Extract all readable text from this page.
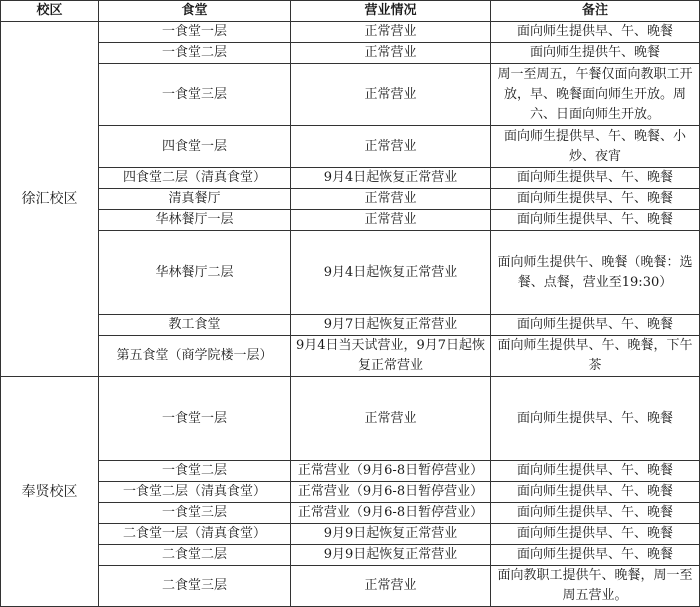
校区	食堂	营业情况	备注
徐汇校区	一食堂一层	正常营业	面向师生提供早、午、晚餐
	一食堂二层	正常营业	面向师生提供午、晚餐
	一食堂三层	正常营业	周一至周五，午餐仅面向教职工开放，早、晚餐面向师生开放。周六、日面向师生开放。
	四食堂一层	正常营业	面向师生提供早、午、晚餐、小炒、夜宵
	四食堂二层（清真食堂）	9月4日起恢复正常营业	面向师生提供早、午、晚餐
	清真餐厅	正常营业	面向师生提供早、午、晚餐
	华林餐厅一层	正常营业	面向师生提供早、午、晚餐
	华林餐厅二层	9月4日起恢复正常营业	面向师生提供午、晚餐（晚餐：选餐、点餐，营业至19:30）
	教工食堂	9月7日起恢复正常营业	面向师生提供早、午、晚餐
	第五食堂（商学院楼一层）	9月4日当天试营业，9月7日起恢复正常营业	面向师生提供早、午、晚餐，下午茶
奉贤校区	一食堂一层	正常营业	面向师生提供早、午、晚餐
	一食堂二层	正常营业（9月6-8日暂停营业）	面向师生提供早、午、晚餐
	一食堂二层（清真食堂）	正常营业（9月6-8日暂停营业）	面向师生提供早、午、晚餐
	一食堂三层	正常营业（9月6-8日暂停营业）	面向师生提供早、午、晚餐
	二食堂一层（清真食堂）	9月9日起恢复正常营业	面向师生提供早、午、晚餐
	二食堂二层	9月9日起恢复正常营业	面向师生提供早、午、晚餐
	二食堂三层	正常营业	面向教职工提供午、晚餐，周一至周五营业。
